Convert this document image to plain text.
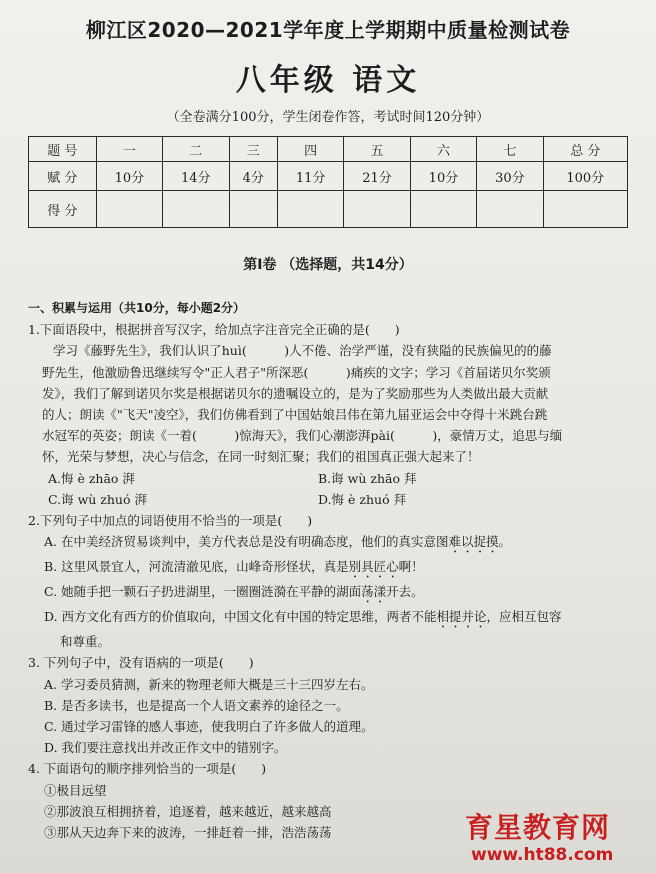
柳江区2020—2021学年度上学期期中质量检测试卷
八年级 语文
（全卷满分100分，学生闭卷作答，考试时间120分钟）
题 号	一	二	三	四	五	六	七	总 分
赋 分	10分	14分	4分	11分	21分	10分	30分	100分
得 分								
第Ⅰ卷 （选择题，共14分）

一、积累与运用（共10分，每小题2分）

1.下面语段中，根据拼音写汉字，给加点字注音完全正确的是(　　)

学习《藤野先生》，我们认识了huì(　　　)人不倦、治学严谨，没有狭隘的民族偏见的的藤

野先生，他激励鲁迅继续写令"正人君子"所深恶(　　　)痛疾的文字；学习《首届诺贝尔奖颁

发》，我们了解到诺贝尔奖是根据诺贝尔的遗嘱设立的，是为了奖励那些为人类做出最大贡献

的人；朗读《"飞天"凌空》，我们仿佛看到了中国姑娘吕伟在第九届亚运会中夺得十米跳台跳

水冠军的英姿；朗读《一着(　　　)惊海天》，我们心潮澎湃pài(　　　)，豪情万丈，追思与缅

怀，光荣与梦想，决心与信念，在同一时刻汇聚；我们的祖国真正强大起来了！

A.悔 è zhāo 湃	B.诲 wù zhāo 拜

C.诲 wù zhuó 湃	D.悔 è zhuó 拜

2.下列句子中加点的词语使用不恰当的一项是(　　)

A. 在中美经济贸易谈判中，美方代表总是没有明确态度，他们的真实意图难以捉摸。

B. 这里风景宜人，河流清澈见底，山峰奇形怪状，真是别具匠心啊！

C. 她随手把一颗石子扔进湖里，一圈圈涟漪在平静的湖面荡漾开去。

D. 西方文化有西方的价值取向，中国文化有中国的特定思维，两者不能相提并论，应相互包容

和尊重。

3. 下列句子中，没有语病的一项是(　　)

A. 学习委员猜测，新来的物理老师大概是三十三四岁左右。

B. 是否多读书，也是提高一个人语文素养的途径之一。

C. 通过学习雷锋的感人事迹，使我明白了许多做人的道理。

D. 我们要注意找出并改正作文中的错别字。

4. 下面语句的顺序排列恰当的一项是(　　)

①极目远望

②那波浪互相拥挤着，追逐着，越来越近，越来越高

③那从天边奔下来的波涛，一排赶着一排，浩浩荡荡	育星教育网
www.ht88.com
